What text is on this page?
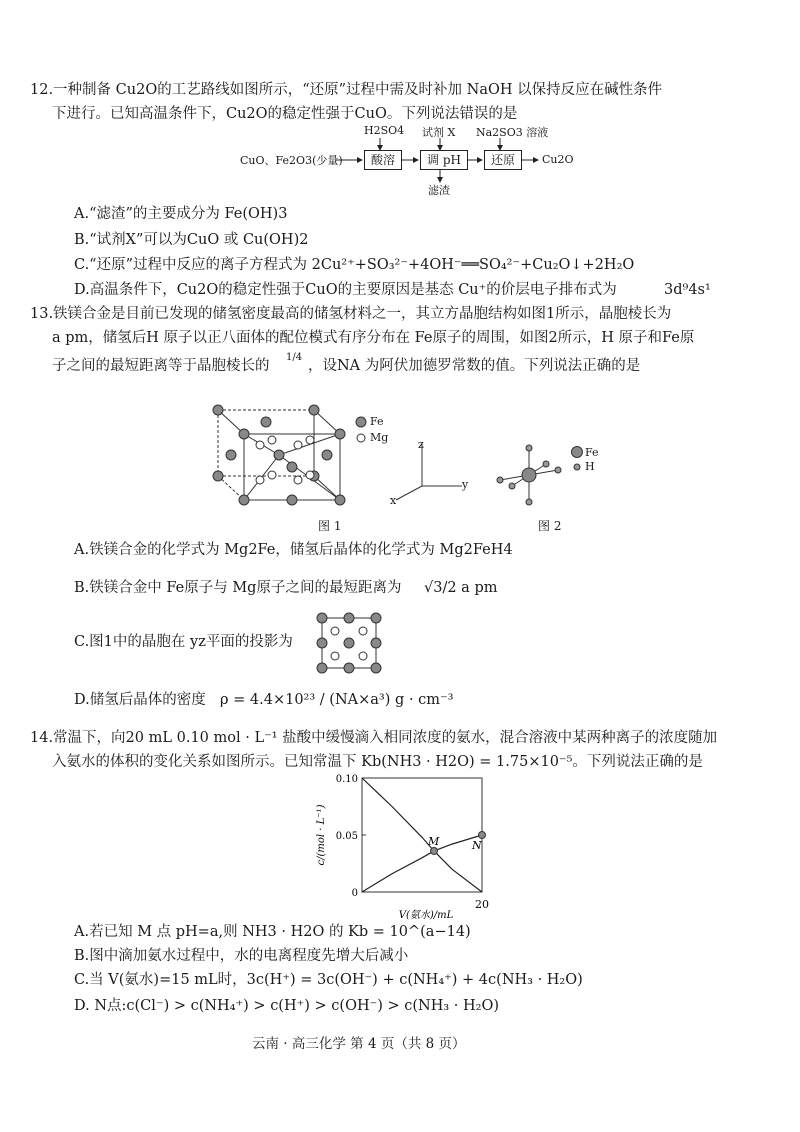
12.一种制备 Cu2O的工艺路线如图所示，“还原”过程中需及时补加 NaOH 以保持反应在碱性条件
下进行。已知高温条件下，Cu2O的稳定性强于CuO。下列说法错误的是
CuO、Fe2O3(少量)	酸溶	调 pH	还原	Cu2O
H2SO4 试剂 X Na2SO3 溶液
滤渣
A.“滤渣”的主要成分为 Fe(OH)3
B.“试剂X”可以为CuO 或 Cu(OH)2
C.“还原”过程中反应的离子方程式为 2Cu²⁺+SO₃²⁻+4OH⁻══SO₄²⁻+Cu₂O↓+2H₂O
D.高温条件下，Cu2O的稳定性强于CuO的主要原因是基态 Cu⁺的价层电子排布式为	3d⁹4s¹
13.铁镁合金是目前已发现的储氢密度最高的储氢材料之一，其立方晶胞结构如图1所示，晶胞棱长为
a pm，储氢后H 原子以正八面体的配位模式有序分布在 Fe原子的周围，如图2所示，H 原子和Fe原
子之间的最短距离等于晶胞棱长的
1/4
，设NA 为阿伏加德罗常数的值。下列说法正确的是
Fe
Mg
z
y
x
Fe
H
图 1	图 2
A.铁镁合金的化学式为 Mg2Fe，储氢后晶体的化学式为 Mg2FeH4
B.铁镁合金中 Fe原子与 Mg原子之间的最短距离为 √3/2 a pm
C.图1中的晶胞在 yz平面的投影为
D.储氢后晶体的密度 ρ = 4.4×10²³ / (NA×a³) g · cm⁻³
14.常温下，向20 mL 0.10 mol · L⁻¹ 盐酸中缓慢滴入相同浓度的氨水，混合溶液中某两种离子的浓度随加
入氨水的体积的变化关系如图所示。已知常温下 Kb(NH3 · H2O) = 1.75×10⁻⁵。下列说法正确的是
0
0.05
0.10
20
V(氨水)/mL
c/(mol · L⁻¹)	M	N
A.若已知 M 点 pH=a,则 NH3 · H2O 的 Kb = 10^(a−14)
B.图中滴加氨水过程中，水的电离程度先增大后减小
C.当 V(氨水)=15 mL时，3c(H⁺) = 3c(OH⁻) + c(NH₄⁺) + 4c(NH₃ · H₂O)
D. N点:c(Cl⁻) > c(NH₄⁺) > c(H⁺) > c(OH⁻) > c(NH₃ · H₂O)
云南 · 高三化学 第 4 页（共 8 页）
